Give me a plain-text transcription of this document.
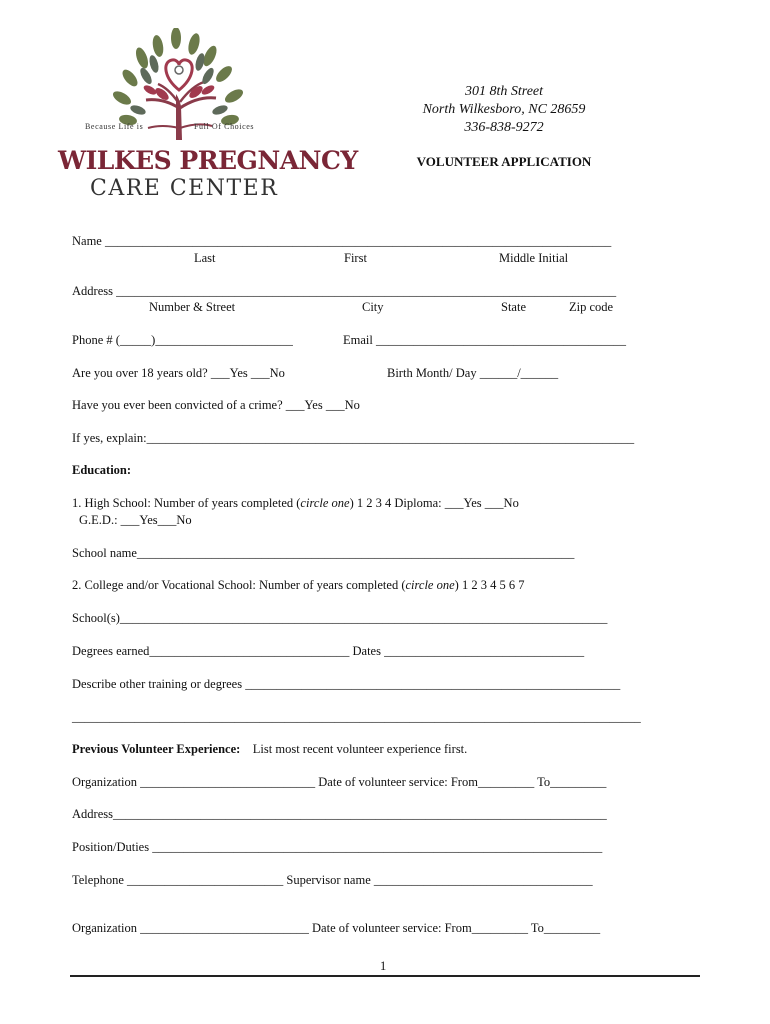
Because Life is	Full Of Choices
WILKES PREGNANCY
CARE CENTER
301 8th Street
North Wilkesboro, NC 28659
336-838-9272
VOLUNTEER APPLICATION
Name _________________________________________________________________________________
Last	First	Middle Initial
Address ________________________________________________________________________________
Number & Street	City	State	Zip code
Phone # (_____)______________________	Email ________________________________________
Are you over 18 years old? ___Yes ___No	Birth Month/ Day ______/______
Have you ever been convicted of a crime? ___Yes ___No
If yes, explain:______________________________________________________________________________
Education:
1. High School: Number of years completed (circle one) 1 2 3 4 Diploma: ___Yes ___No
G.E.D.: ___Yes___No
School name______________________________________________________________________
2. College and/or Vocational School: Number of years completed (circle one) 1 2 3 4 5 6 7
School(s)______________________________________________________________________________
Degrees earned________________________________ Dates ________________________________
Describe other training or degrees ____________________________________________________________
___________________________________________________________________________________________
Previous Volunteer Experience: List most recent volunteer experience first.
Organization ____________________________ Date of volunteer service: From_________ To_________
Address_______________________________________________________________________________
Position/Duties ________________________________________________________________________
Telephone _________________________ Supervisor name ___________________________________
Organization ___________________________ Date of volunteer service: From_________ To_________
1
